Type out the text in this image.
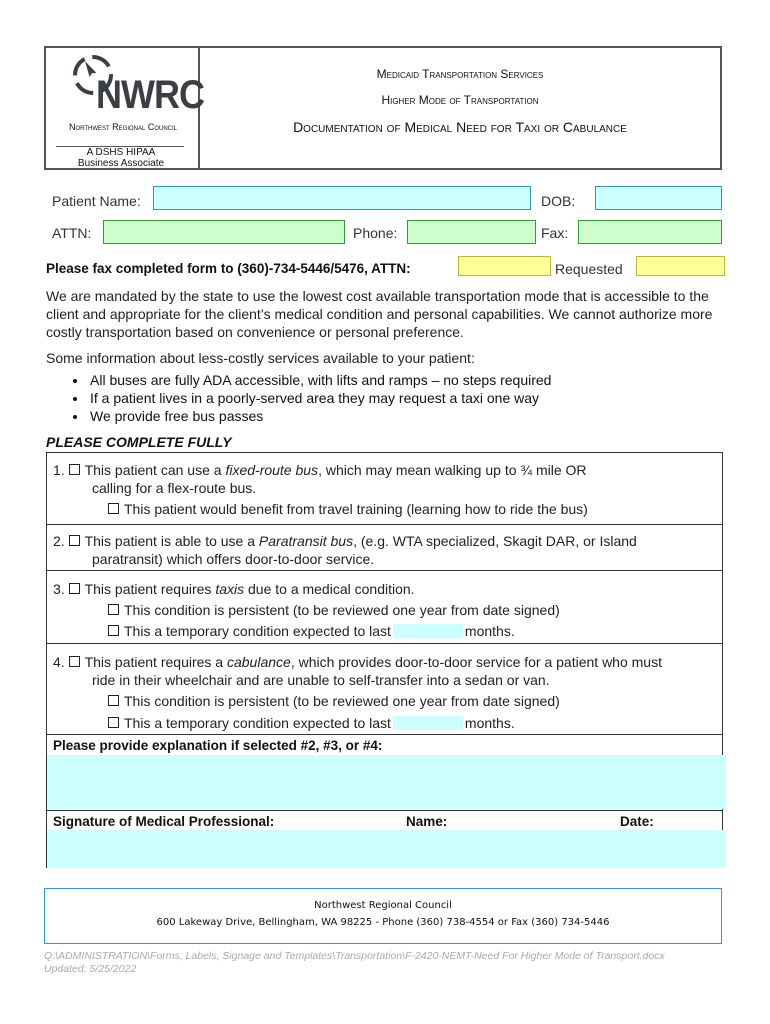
NWRC
Northwest Regional Council
A DSHS HIPAA
Business Associate
Medicaid Transportation Services
Higher Mode of Transportation
Documentation of Medical Need for Taxi or Cabulance
Patient Name:	DOB:
ATTN:	Phone:	Fax:
Please fax completed form to (360)-734-5446/5476, ATTN:	Requested
We are mandated by the state to use the lowest cost available transportation mode that is accessible to the client and appropriate for the client’s medical condition and personal capabilities. We cannot authorize more costly transportation based on convenience or personal preference.
Some information about less-costly services available to your patient:
• All buses are fully ADA accessible, with lifts and ramps – no steps required
• If a patient lives in a poorly-served area they may request a taxi one way
• We provide free bus passes
PLEASE COMPLETE FULLY
1. This patient can use a fixed-route bus, which may mean walking up to ¾ mile OR
calling for a flex-route bus.
This patient would benefit from travel training (learning how to ride the bus)
2. This patient is able to use a Paratransit bus, (e.g. WTA specialized, Skagit DAR, or Island
paratransit) which offers door-to-door service.
3. This patient requires taxis due to a medical condition.
This condition is persistent (to be reviewed one year from date signed)
This a temporary condition expected to last	months.
4. This patient requires a cabulance, which provides door-to-door service for a patient who must
ride in their wheelchair and are unable to self-transfer into a sedan or van.
This condition is persistent (to be reviewed one year from date signed)
This a temporary condition expected to last	months.
Please provide explanation if selected #2, #3, or #4:
Signature of Medical Professional:	Name:	Date:
Northwest Regional Council
600 Lakeway Drive, Bellingham, WA 98225 - Phone (360) 738-4554 or Fax (360) 734-5446
Q:\ADMINISTRATION\Forms, Labels, Signage and Templates\Transportation\F-2420-NEMT-Need For Higher Mode of Transport.docx
Updated: 5/25/2022
